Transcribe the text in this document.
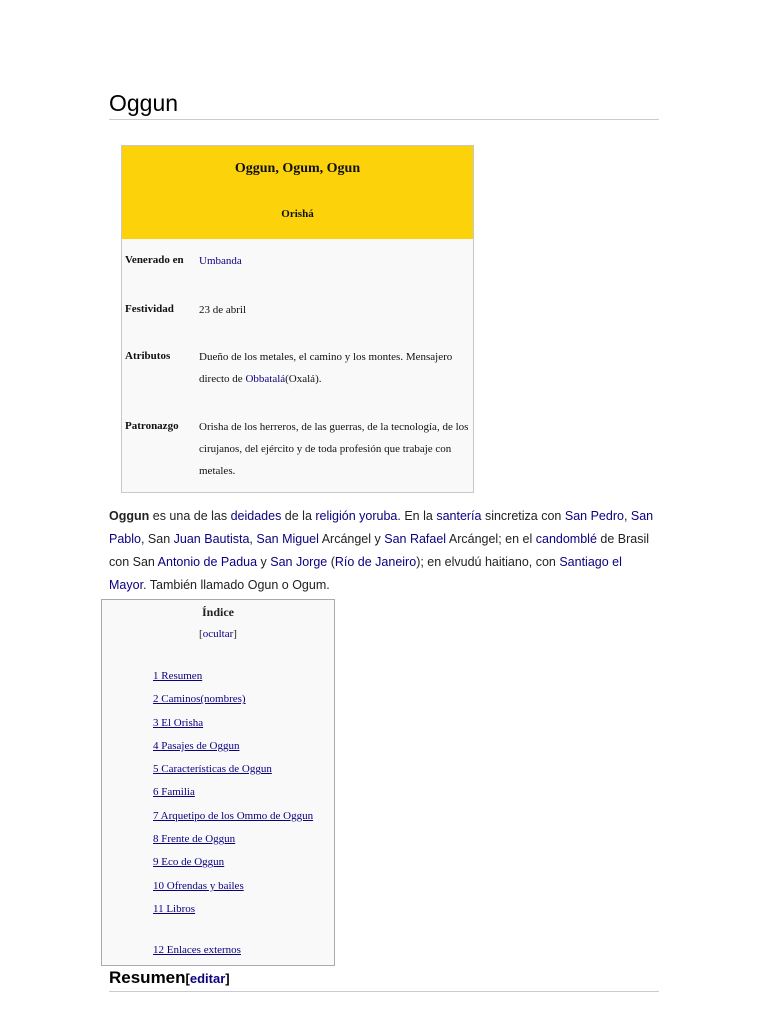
Oggun
Oggun, Ogum, Ogun
Orishá
Venerado en Umbanda
Festividad 23 de abril
Atributos	Dueño de los metales, el camino y los montes. Mensajero directo de Obbatalá(Oxalá).
Patronazgo Orisha de los herreros, de las guerras, de la tecnología, de los cirujanos, del ejército y de toda profesión que trabaje con metales.

Oggun es una de las deidades de la religión yoruba. En la santería sincretiza con San Pedro, San Pablo, San Juan Bautista, San Miguel Arcángel y San Rafael Arcángel; en el candomblé de Brasil con San Antonio de Padua y San Jorge (Río de Janeiro); en elvudú haitiano, con Santiago el Mayor. También llamado Ogun o Ogum.

Índice
[ocultar]
1 Resumen
2 Caminos(nombres)
3 El Orisha
4 Pasajes de Oggun
5 Características de Oggun
6 Familia
7 Arquetipo de los Ommo de Oggun
8 Frente de Oggun
9 Eco de Oggun
10 Ofrendas y bailes
11 Libros
12 Enlaces externos
Resumen[editar]
